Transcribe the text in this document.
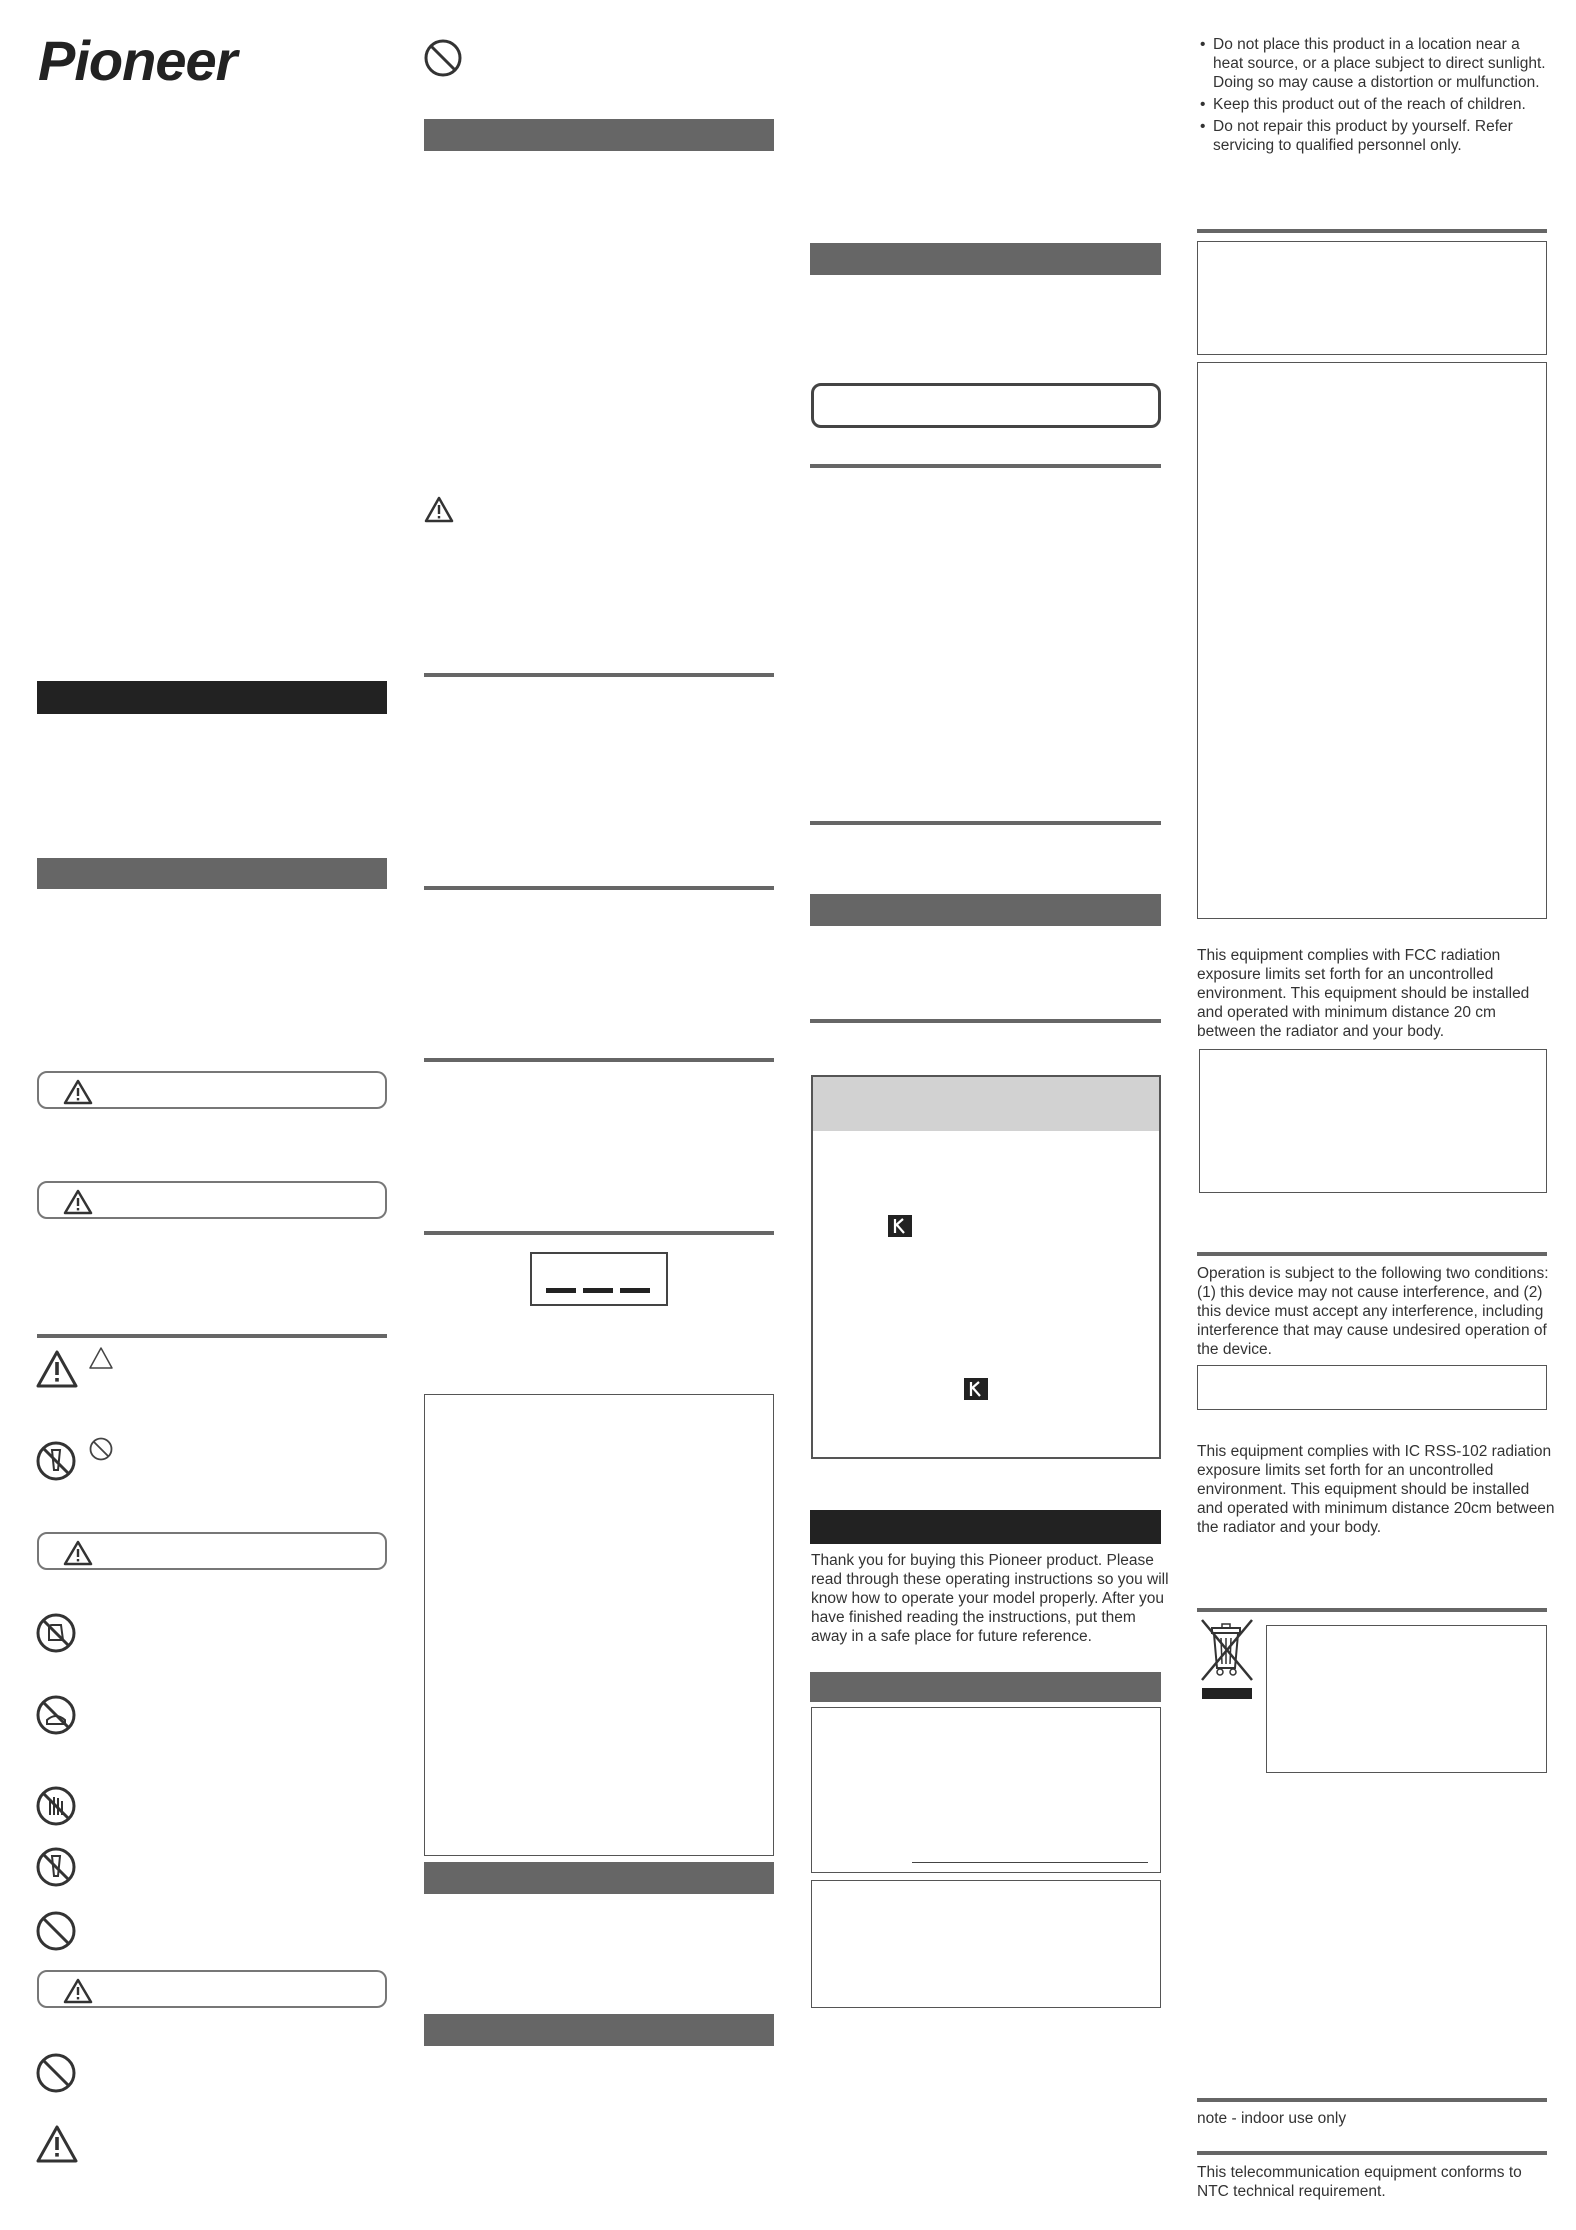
Pioneer

Thank you for buying this Pioneer product. Please read through these operating instructions so you will know how to operate your model properly. After you have finished reading the instructions, put them away in a safe place for future reference.

• Do not place this product in a location near a heat source, or a place subject to direct sunlight. Doing so may cause a distortion or mulfunction.
• Keep this product out of the reach of children.
• Do not repair this product by yourself. Refer servicing to qualified personnel only.

This equipment complies with FCC radiation exposure limits set forth for an uncontrolled environment. This equipment should be installed and operated with minimum distance 20 cm between the radiator and your body.

Operation is subject to the following two conditions: (1) this device may not cause interference, and (2) this device must accept any interference, including interference that may cause undesired operation of the device.

This equipment complies with IC RSS-102 radiation exposure limits set forth for an uncontrolled environment. This equipment should be installed and operated with minimum distance 20cm between the radiator and your body.

note - indoor use only

This telecommunication equipment conforms to NTC technical requirement.
